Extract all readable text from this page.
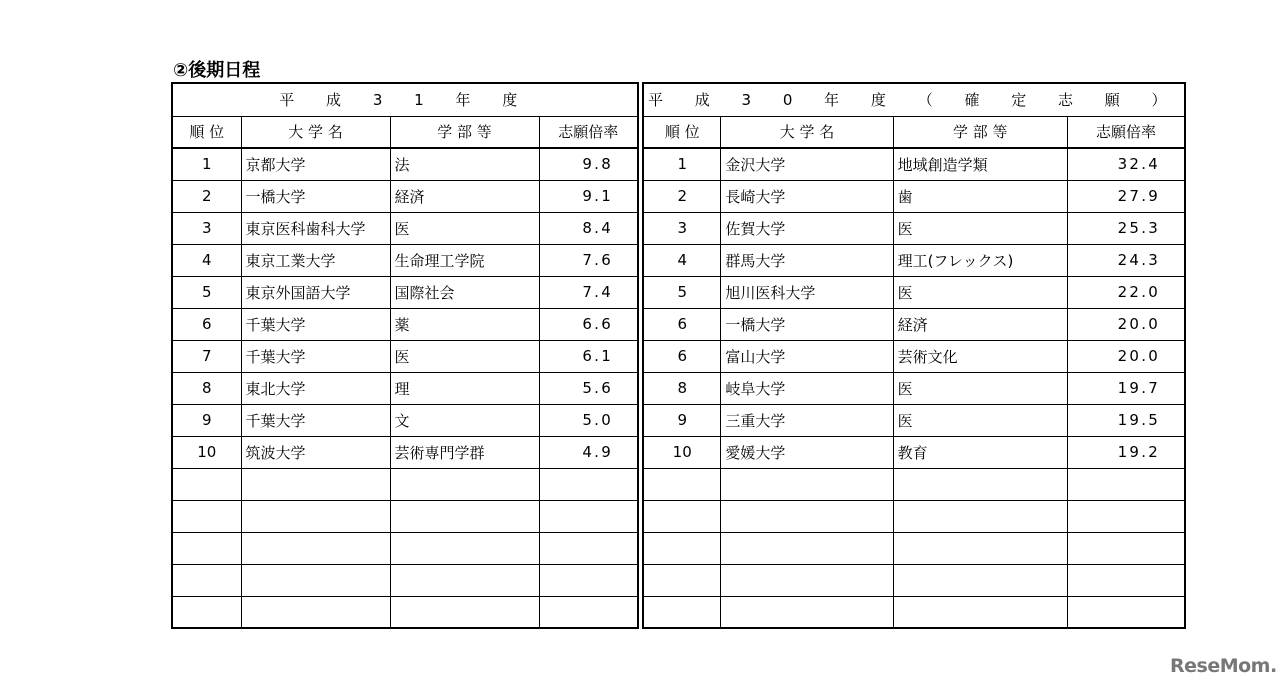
②後期日程
平 成 3 1 年 度			
順 位	大 学 名	学 部 等	志願倍率
1	京都大学	法	9.8
2	一橋大学	経済	9.1
3	東京医科歯科大学	医	8.4
4	東京工業大学	生命理工学院	7.6
5	東京外国語大学	国際社会	7.4
6	千葉大学	薬	6.6
7	千葉大学	医	6.1
8	東北大学	理	5.6
9	千葉大学	文	5.0
10	筑波大学	芸術専門学群	4.9

平 成 3 0 年 度 （ 確 定 志 願 ）			
順 位	大 学 名	学 部 等	志願倍率
1	金沢大学	地域創造学類	32.4
2	長崎大学	歯	27.9
3	佐賀大学	医	25.3
4	群馬大学	理工(フレックス)	24.3
5	旭川医科大学	医	22.0
6	一橋大学	経済	20.0
6	富山大学	芸術文化	20.0
8	岐阜大学	医	19.7
9	三重大学	医	19.5
10	愛媛大学	教育	19.2

ReseMom.
